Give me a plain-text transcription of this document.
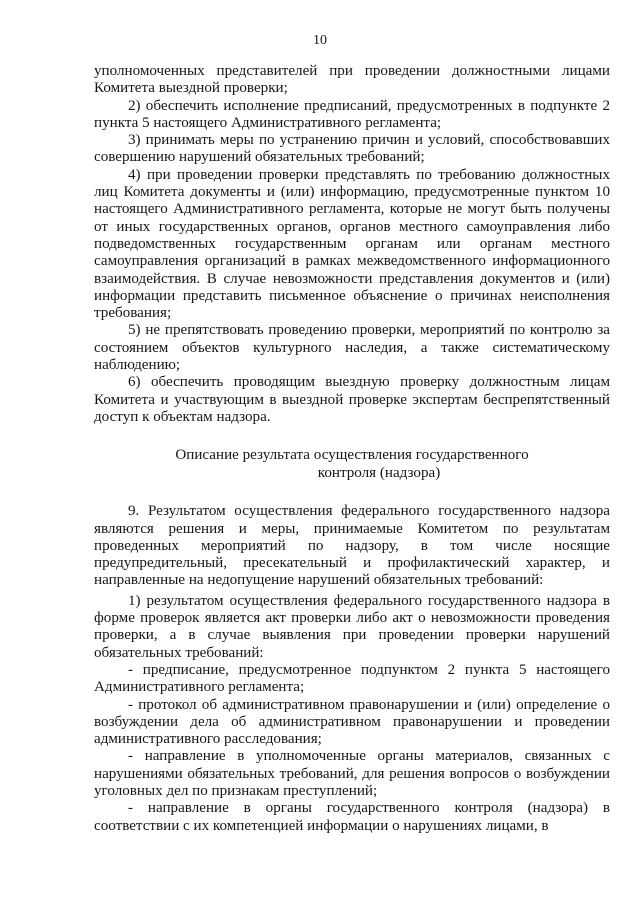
10

уполномоченных представителей при проведении должностными лицами Комитета выездной проверки;

2) обеспечить исполнение предписаний, предусмотренных в подпункте 2 пункта 5 настоящего Административного регламента;

3) принимать меры по устранению причин и условий, способствовавших совершению нарушений обязательных требований;

4) при проведении проверки представлять по требованию должностных лиц Комитета документы и (или) информацию, предусмотренные пунктом 10 настоящего Административного регламента, которые не могут быть получены от иных государственных органов, органов местного самоуправления либо подведомственных государственным органам или органам местного самоуправления организаций в рамках межведомственного информационного взаимодействия. В случае невозможности представления документов и (или) информации представить письменное объяснение о причинах неисполнения требования;

5) не препятствовать проведению проверки, мероприятий по контролю за состоянием объектов культурного наследия, а также систематическому наблюдению;

6) обеспечить проводящим выездную проверку должностным лицам Комитета и участвующим в выездной проверке экспертам беспрепятственный доступ к объектам надзора.

Описание результата осуществления государственного
контроля (надзора)

9. Результатом осуществления федерального государственного надзора являются решения и меры, принимаемые Комитетом по результатам проведенных мероприятий по надзору, в том числе носящие предупредительный, пресекательный и профилактический характер, и направленные на недопущение нарушений обязательных требований:

1) результатом осуществления федерального государственного надзора в форме проверок является акт проверки либо акт о невозможности проведения проверки, а в случае выявления при проведении проверки нарушений обязательных требований:

- предписание, предусмотренное подпунктом 2 пункта 5 настоящего Административного регламента;

- протокол об административном правонарушении и (или) определение о возбуждении дела об административном правонарушении и проведении административного расследования;

- направление в уполномоченные органы материалов, связанных с нарушениями обязательных требований, для решения вопросов о возбуждении уголовных дел по признакам преступлений;

- направление в органы государственного контроля (надзора) в соответствии с их компетенцией информации о нарушениях лицами, в
